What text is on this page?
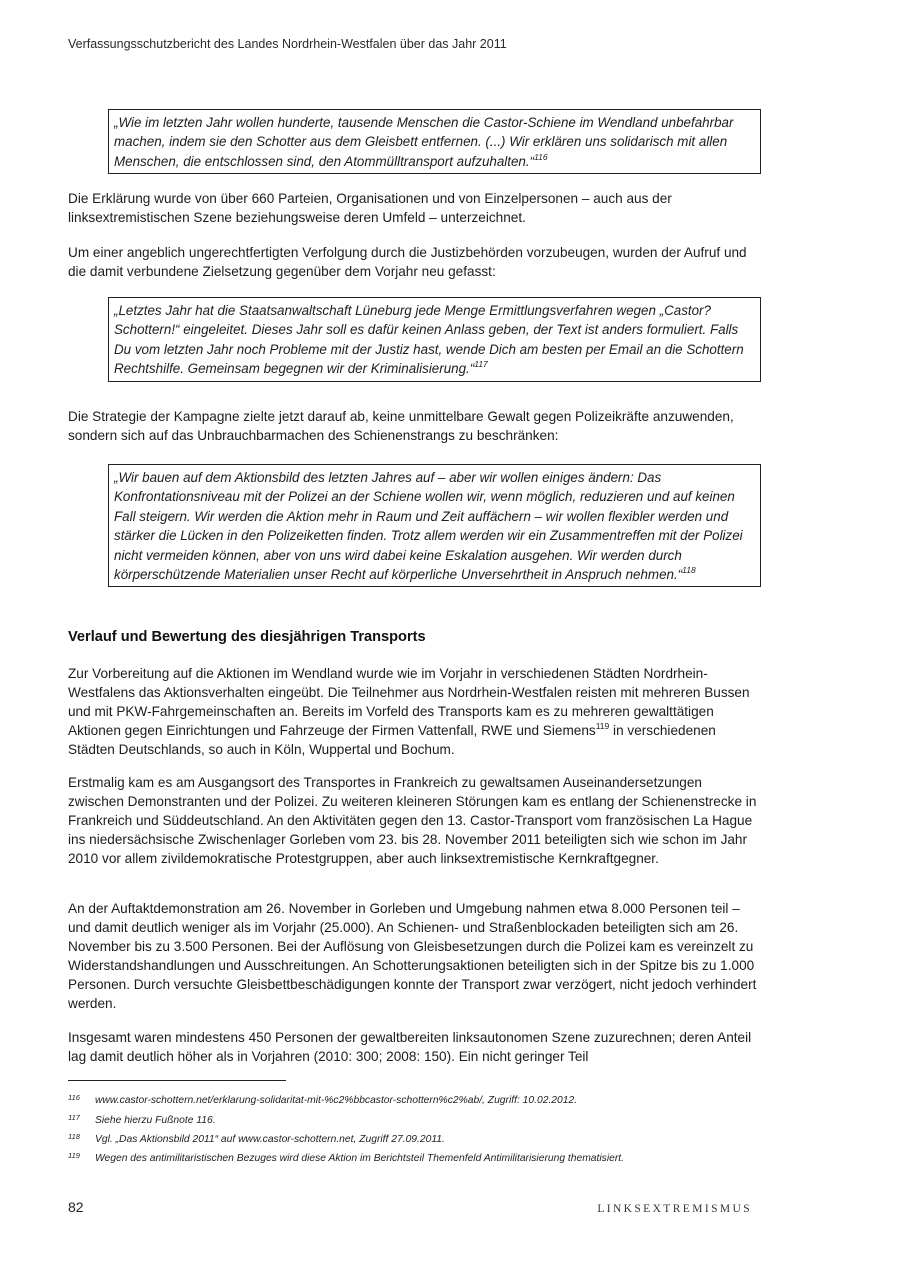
Verfassungsschutzbericht des Landes Nordrhein-Westfalen über das Jahr 2011
„Wie im letzten Jahr wollen hunderte, tausende Menschen die Castor-Schiene im Wendland unbefahrbar machen, indem sie den Schotter aus dem Gleisbett entfernen. (...) Wir erklären uns solidarisch mit allen Menschen, die entschlossen sind, den Atommülltransport aufzuhalten.“$^{116}$
Die Erklärung wurde von über 660 Parteien, Organisationen und von Einzelpersonen – auch aus der linksextremistischen Szene beziehungsweise deren Umfeld – unterzeichnet.
Um einer angeblich ungerechtfertigten Verfolgung durch die Justizbehörden vorzubeugen, wurden der Aufruf und die damit verbundene Zielsetzung gegenüber dem Vorjahr neu gefasst:
„Letztes Jahr hat die Staatsanwaltschaft Lüneburg jede Menge Ermittlungsverfahren wegen „Castor? Schottern!“ eingeleitet. Dieses Jahr soll es dafür keinen Anlass geben, der Text ist anders formuliert. Falls Du vom letzten Jahr noch Probleme mit der Justiz hast, wende Dich am besten per Email an die Schottern Rechtshilfe. Gemeinsam begegnen wir der Kriminalisierung.“$^{117}$
Die Strategie der Kampagne zielte jetzt darauf ab, keine unmittelbare Gewalt gegen Polizeikräfte anzuwenden, sondern sich auf das Unbrauchbarmachen des Schienenstrangs zu beschränken:
„Wir bauen auf dem Aktionsbild des letzten Jahres auf – aber wir wollen einiges ändern: Das Konfrontationsniveau mit der Polizei an der Schiene wollen wir, wenn möglich, reduzieren und auf keinen Fall steigern. Wir werden die Aktion mehr in Raum und Zeit auffächern – wir wollen flexibler werden und stärker die Lücken in den Polizeiketten finden. Trotz allem werden wir ein Zusammentreffen mit der Polizei nicht vermeiden können, aber von uns wird dabei keine Eskalation ausgehen. Wir werden durch körperschützende Materialien unser Recht auf körperliche Unversehrtheit in Anspruch nehmen.“$^{118}$
Verlauf und Bewertung des diesjährigen Transports
Zur Vorbereitung auf die Aktionen im Wendland wurde wie im Vorjahr in verschiedenen Städten Nordrhein-Westfalens das Aktionsverhalten eingeübt. Die Teilnehmer aus Nordrhein-Westfalen reisten mit mehreren Bussen und mit PKW-Fahrgemeinschaften an. Bereits im Vorfeld des Transports kam es zu mehreren gewalttätigen Aktionen gegen Einrichtungen und Fahrzeuge der Firmen Vattenfall, RWE und Siemens$^{119}$ in verschiedenen Städten Deutschlands, so auch in Köln, Wuppertal und Bochum.
Erstmalig kam es am Ausgangsort des Transportes in Frankreich zu gewaltsamen Auseinandersetzungen zwischen Demonstranten und der Polizei. Zu weiteren kleineren Störungen kam es entlang der Schienenstrecke in Frankreich und Süddeutschland. An den Aktivitäten gegen den 13. Castor-Transport vom französischen La Hague ins niedersächsische Zwischenlager Gorleben vom 23. bis 28. November 2011 beteiligten sich wie schon im Jahr 2010 vor allem zivildemokratische Protestgruppen, aber auch linksextremistische Kernkraftgegner.
An der Auftaktdemonstration am 26. November in Gorleben und Umgebung nahmen etwa 8.000 Personen teil – und damit deutlich weniger als im Vorjahr (25.000). An Schienen- und Straßenblockaden beteiligten sich am 26. November bis zu 3.500 Personen. Bei der Auflösung von Gleisbesetzungen durch die Polizei kam es vereinzelt zu Widerstandshandlungen und Ausschreitungen. An Schotterungsaktionen beteiligten sich in der Spitze bis zu 1.000 Personen. Durch versuchte Gleisbettbeschädigungen konnte der Transport zwar verzögert, nicht jedoch verhindert werden.
Insgesamt waren mindestens 450 Personen der gewaltbereiten linksautonomen Szene zuzurechnen; deren Anteil lag damit deutlich höher als in Vorjahren (2010: 300; 2008: 150). Ein nicht geringer Teil
116 www.castor-schottern.net/erklarung-solidaritat-mit-%c2%bbcastor-schottern%c2%ab/, Zugriff: 10.02.2012.
117 Siehe hierzu Fußnote 116.
118 Vgl. „Das Aktionsbild 2011“ auf www.castor-schottern.net, Zugriff 27.09.2011.
119 Wegen des antimilitaristischen Bezuges wird diese Aktion im Berichtsteil Themenfeld Antimilitarisierung thematisiert.
82	LINKSEXTREMISMUS
